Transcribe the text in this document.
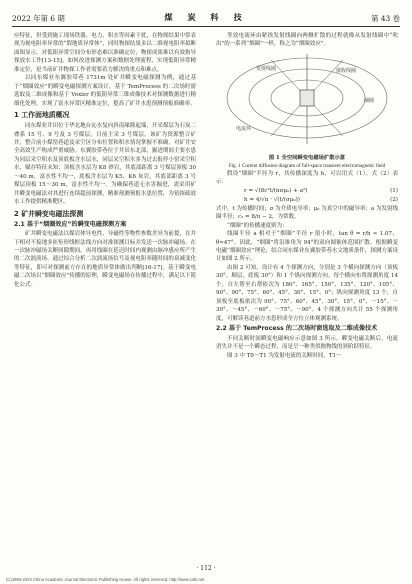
2022 年第 6 期	煤 炭 科 技	第 43 卷

应特征，但受到施工现场铁器、电力、积水等因素干扰，在物探结果中常表现为视电阻率异常的“假地质异常体”，同时物探结果多以二维视电阻率拟断面图显示，对低阻异常空间分布形态难以准确定位，物探成果难以有效指导探放水工作[13-15]。如何改进探测方案和数据处理流程，实现低阻异常精准定位，是当前矿井物探工作者需要着力解决的重点和难点。

以同东煤业东翼胶带巷 1731m 处矿井瞬变电磁探测为例，通过基于“烟圈效应”的瞬变电磁探测方案设计，基于 TemProcess 的二次场时窗选取及二维成像和基于 Voxler 的低阻异常三维成像技术对探测数据进行精细化处理，实现了富水异常区精准定位，提高了矿井水患预测预报准确率。

1 工作面地质概况

同东煤业井田位于华北地台沁水复向斜南缘隆起端，开采煤层为石炭二叠系 15 号、9 号及 3 号煤层，目前主采 3 号煤层。该矿为资源整合矿井，整合前小煤窑巷道及采空区分布位置和积水情况掌握不准确，对矿井安全高效生产构成严重威胁。东翼胶带巷位于井田东北部，掘进期间主要水患为同层采空积水及顶底板含水层水，同层采空积水多为过去报停小窑采空积水，赋存特征未知；顶板含水层为 K8 砂岩，其底部距离 3 号煤层顶板 30～40 m，富水性不均一，底板含水层为 K5、K6 灰岩，其底部距离 3 号煤层顶板 15～30 m，富水性不均一。为确保巷道无水害掘进，需采用矿井瞬变电磁法对其进行连续超前探测，精准预测预报水患位置，为钻探疏放水工作提供精准靶区。

2 矿井瞬变电磁法探测
2.1 基于“烟圈效应”的瞬变电磁探测方案

矿井瞬变电磁法以煤岩体导电性、导磁性等物性参数差异为前提，在井下相对不接地多匝矩形线框法线方向对准探测目标并发送一次脉冲磁场，在一次脉冲磁场关断间隙期间，再用线圈在延迟时间内观测由脉冲感应所产生的二次涡流场。通过综合分析二次涡流场信号及视电阻率随时间的衰减变化等特征，即可对探测前方存在的地质异常体做出判断[16-17]。基于瞬变电磁二次场以“烟圈效应”传播的原理，瞬变电磁场在传播过程中，满足以下简化公式：

等效电流环由紧挨发射线圈向两侧扩散的过程就像从发射线圈中“吹出”的一系列“烟圈”一样，称之为“烟圈效应”。

发射线圈	接收线圈
烟圈
电流环
图 1 全空间瞬变电磁场扩散示意
Fig. 1 Current diffusion diagram of full-space transient electromagnetic field

假设“烟圈”半径为 r，其传播深度为 h，可以用式（1）、式（2）表示：

r = √(8c²t/(πσμ₀) + a²)	(1)
h = 4/√π · √(t/(σμ₀))	(2)

式中，t 为传播时间；σ 为介质电导率；μ₀ 为真空中的磁导率；a 为发射线圈半径；c₂ = 8/π − 2，为常数。

“烟圈”的传播速度则为：

线圈半径 a 相对于“烟圈”半径 r 很小时，tan θ = r/h ≈ 1.07，θ≈47°。因此，“烟圈”将沿锥角为 94°的双向圆锥体范围扩散。根据瞬变电磁“烟圈效应”理论，结合同东煤业东翼胶带巷水文地质条件，探测方案设计如图 2 所示。

由图 2 可知，设计有 4 个探测方向，分别是 3 个横向探测方向（顶板 30°、顺层、底板 30°）和 1 个纵向探测方向。每个横向布置探测角度 14 个，自左帮至右帮依次为 180°、165°、150°、135°、120°、105°、90°、90°、75°、60°、45°、30°、15°、0°；纵向探测角度 13 个，自顶板至底板依次为 90°、75°、60°、45°、30°、15°、0°、－15°、－30°、－45°、－60°、－75°、－90°。4 个探测方向共计 55 个探测角度，可解读巷道前方水患形成全方位立体观测系统。

2.2 基于 TemProcess 的二次场时窗选取及二维成像技术

不同关断时间瞬变电磁响应示意如图 3 所示。瞬变电磁关断后，电流消失并不是一个瞬态过程，而是呈一种类似抛物线的斜阶跃特征。

图 3 中 T0～T1 为发射电流的关断时间，T1～

· 112 ·
(C)1994-2023 China Academic Journal Electronic Publishing House. All rights reserved. http://www.cnki.net
